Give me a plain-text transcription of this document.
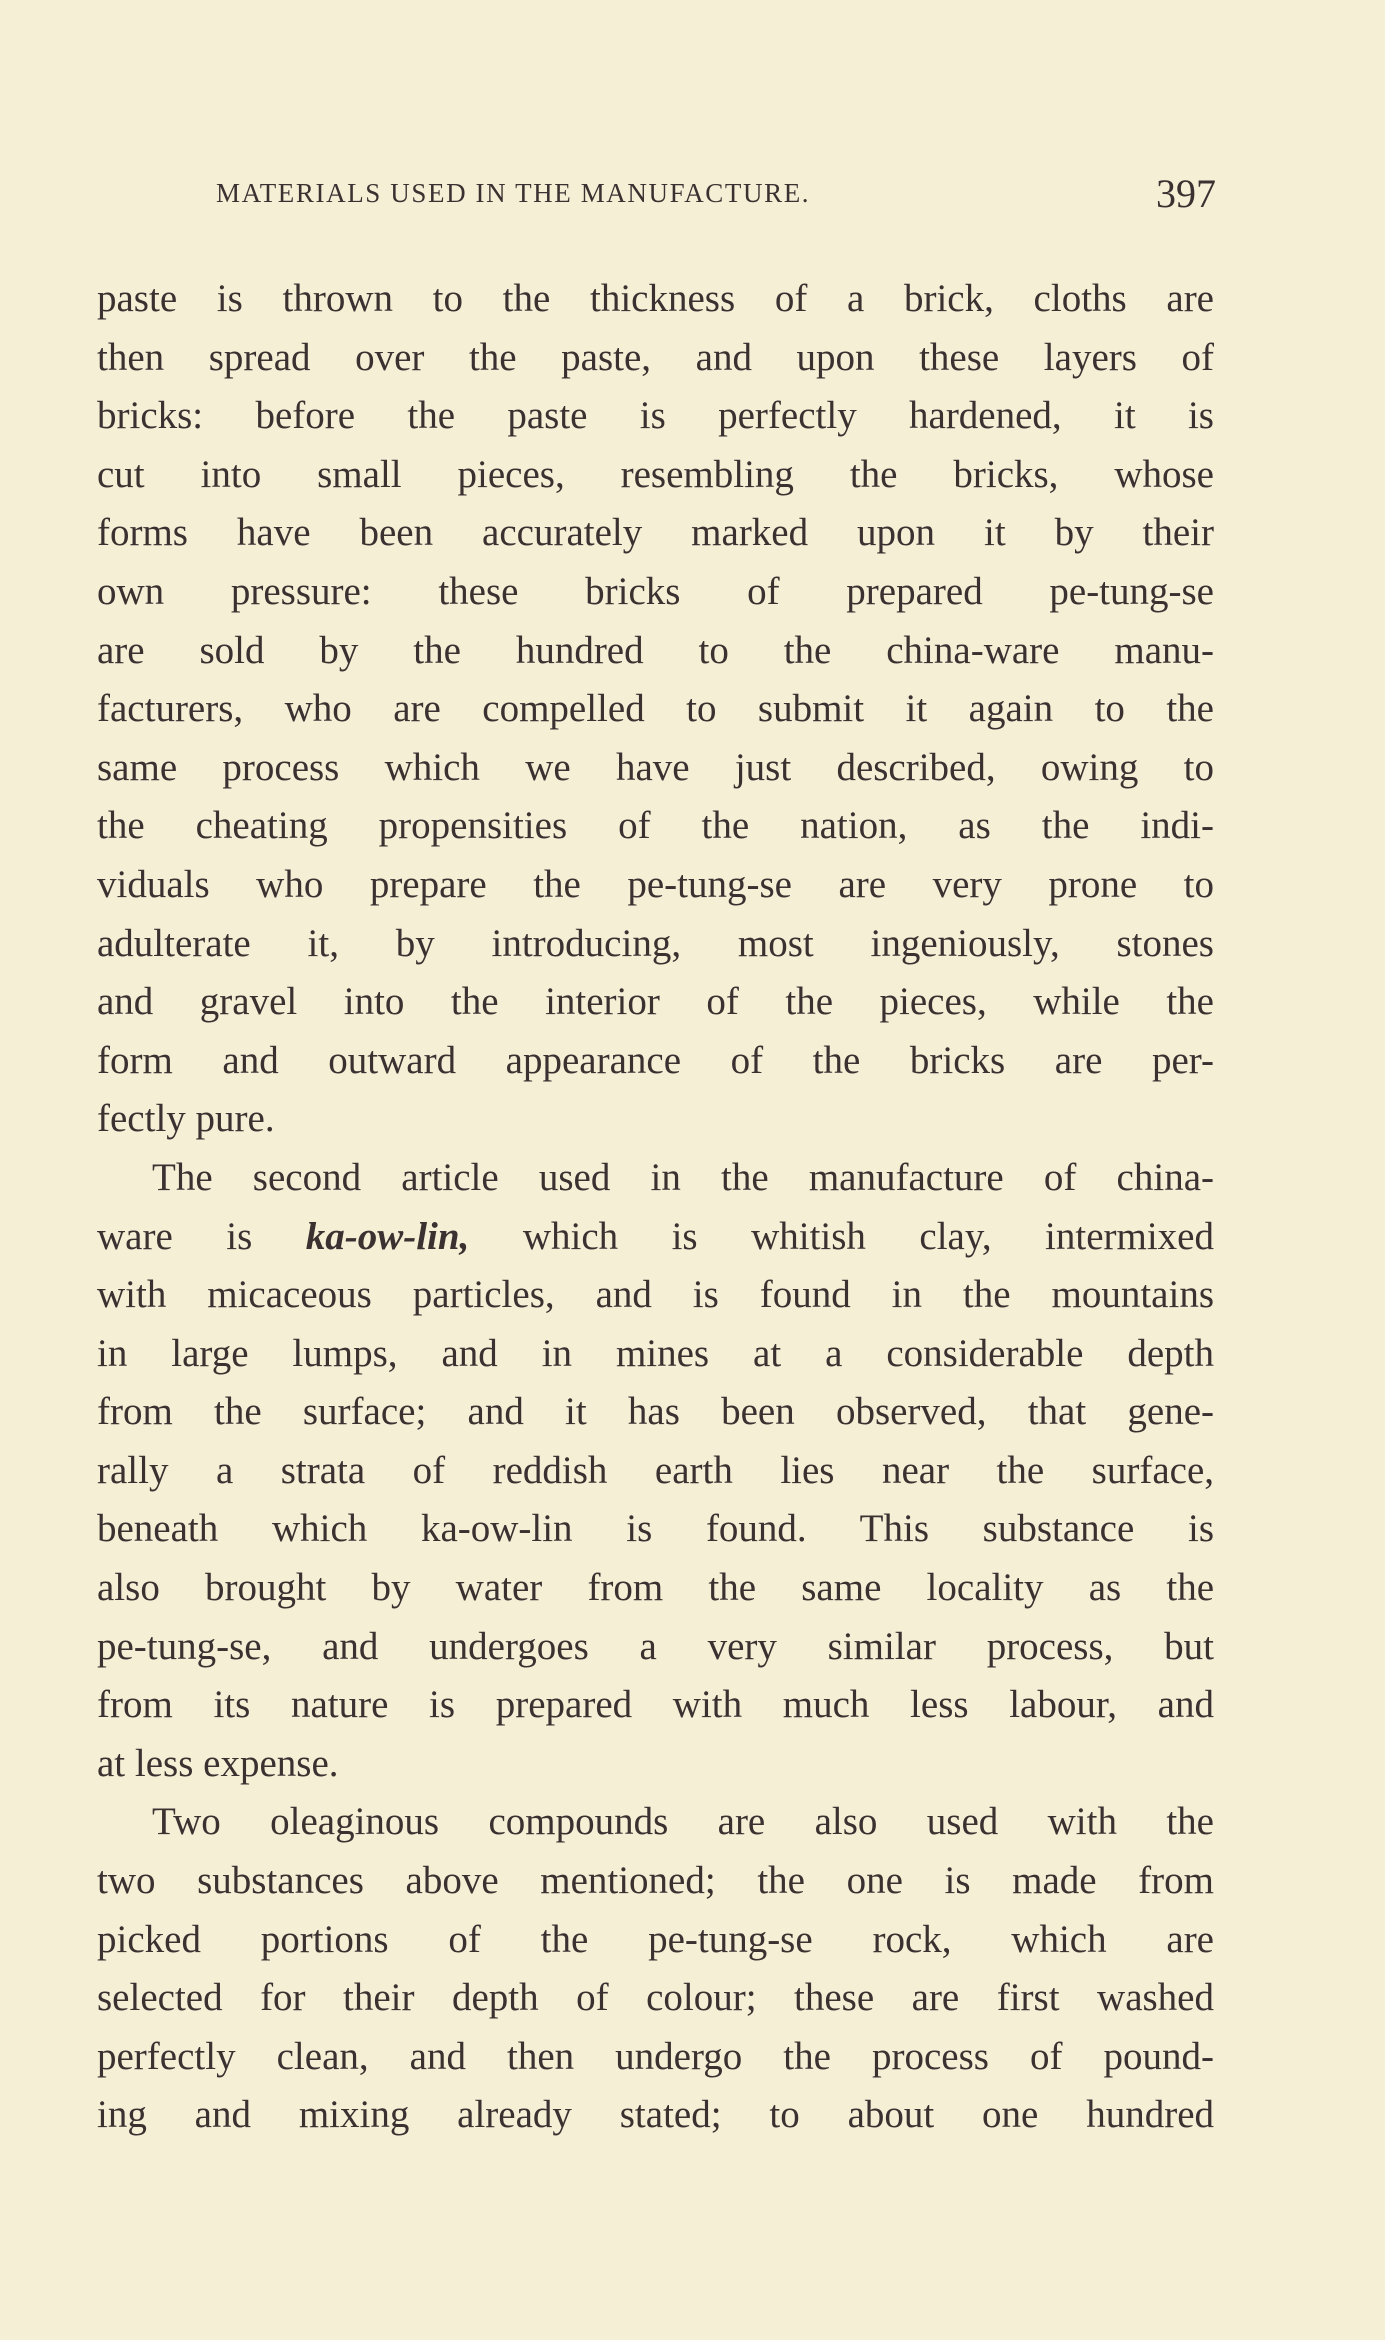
MATERIALS USED IN THE MANUFACTURE.	397
paste is thrown to the thickness of a brick, cloths are
then spread over the paste, and upon these layers of
bricks: before the paste is perfectly hardened, it is
cut into small pieces, resembling the bricks, whose
forms have been accurately marked upon it by their
own pressure: these bricks of prepared pe-tung-se
are sold by the hundred to the china-ware manu-
facturers, who are compelled to submit it again to the
same process which we have just described, owing to
the cheating propensities of the nation, as the indi-
viduals who prepare the pe-tung-se are very prone to
adulterate it, by introducing, most ingeniously, stones
and gravel into the interior of the pieces, while the
form and outward appearance of the bricks are per-
fectly pure.
The second article used in the manufacture of china-
ware is ka-ow-lin, which is whitish clay, intermixed
with micaceous particles, and is found in the mountains
in large lumps, and in mines at a considerable depth
from the surface; and it has been observed, that gene-
rally a strata of reddish earth lies near the surface,
beneath which ka-ow-lin is found. This substance is
also brought by water from the same locality as the
pe-tung-se, and undergoes a very similar process, but
from its nature is prepared with much less labour, and
at less expense.
Two oleaginous compounds are also used with the
two substances above mentioned; the one is made from
picked portions of the pe-tung-se rock, which are
selected for their depth of colour; these are first washed
perfectly clean, and then undergo the process of pound-
ing and mixing already stated; to about one hundred
